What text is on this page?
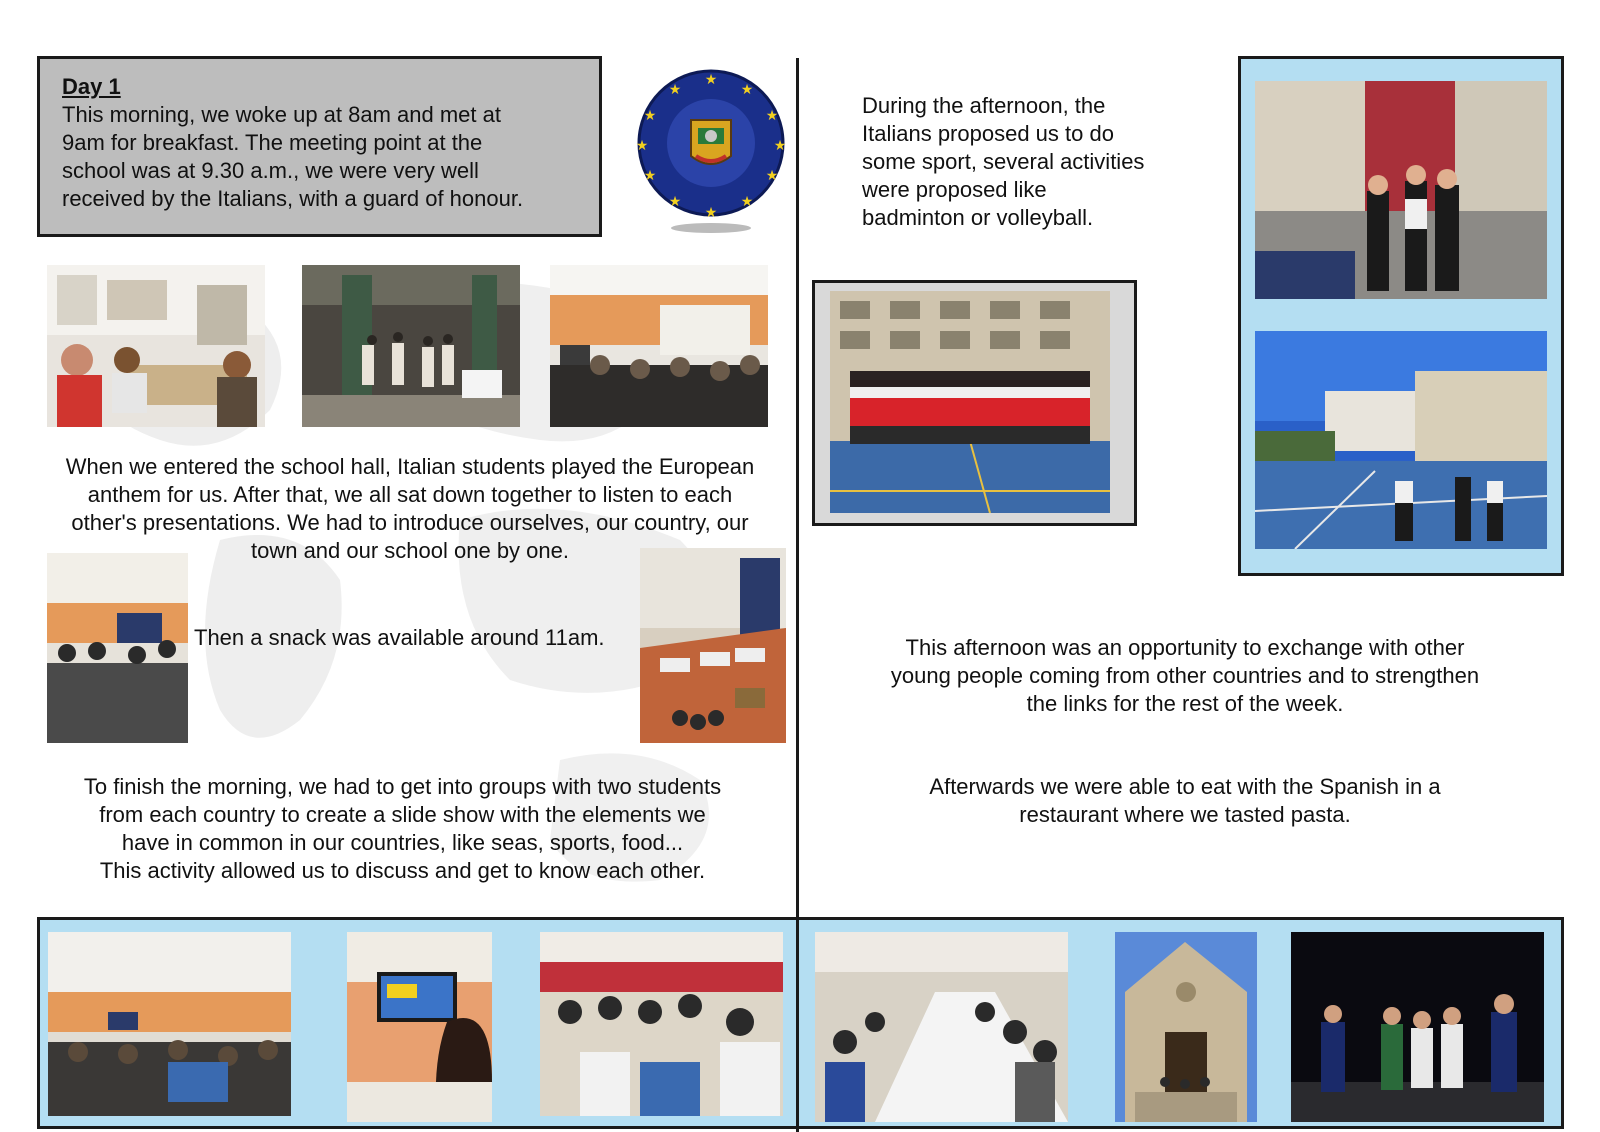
Day 1
This morning, we woke up at 8am and met at
9am for breakfast. The meeting point at the
school was at 9.30 a.m., we were very well
received by the Italians, with a guard of honour.
★
★
★
★
★
★
★
★
★
★
★
★
When we entered the school hall, Italian students played the European
anthem for us. After that, we all sat down together to listen to each
other's presentations. We had to introduce ourselves, our country, our
town and our school one by one.
Then a snack was available around 11am.
To finish the morning, we had to get into groups with two students
from each country to create a slide show with the elements we
have in common in our countries, like seas, sports, food...
This activity allowed us to discuss and get to know each other.
During the afternoon, the
Italians proposed us to do
some sport, several activities
were proposed like
badminton or volleyball.
This afternoon was an opportunity to exchange with other
young people coming from other countries and to strengthen
the links for the rest of the week.
Afterwards we were able to eat with the Spanish in a
restaurant where we tasted pasta.
